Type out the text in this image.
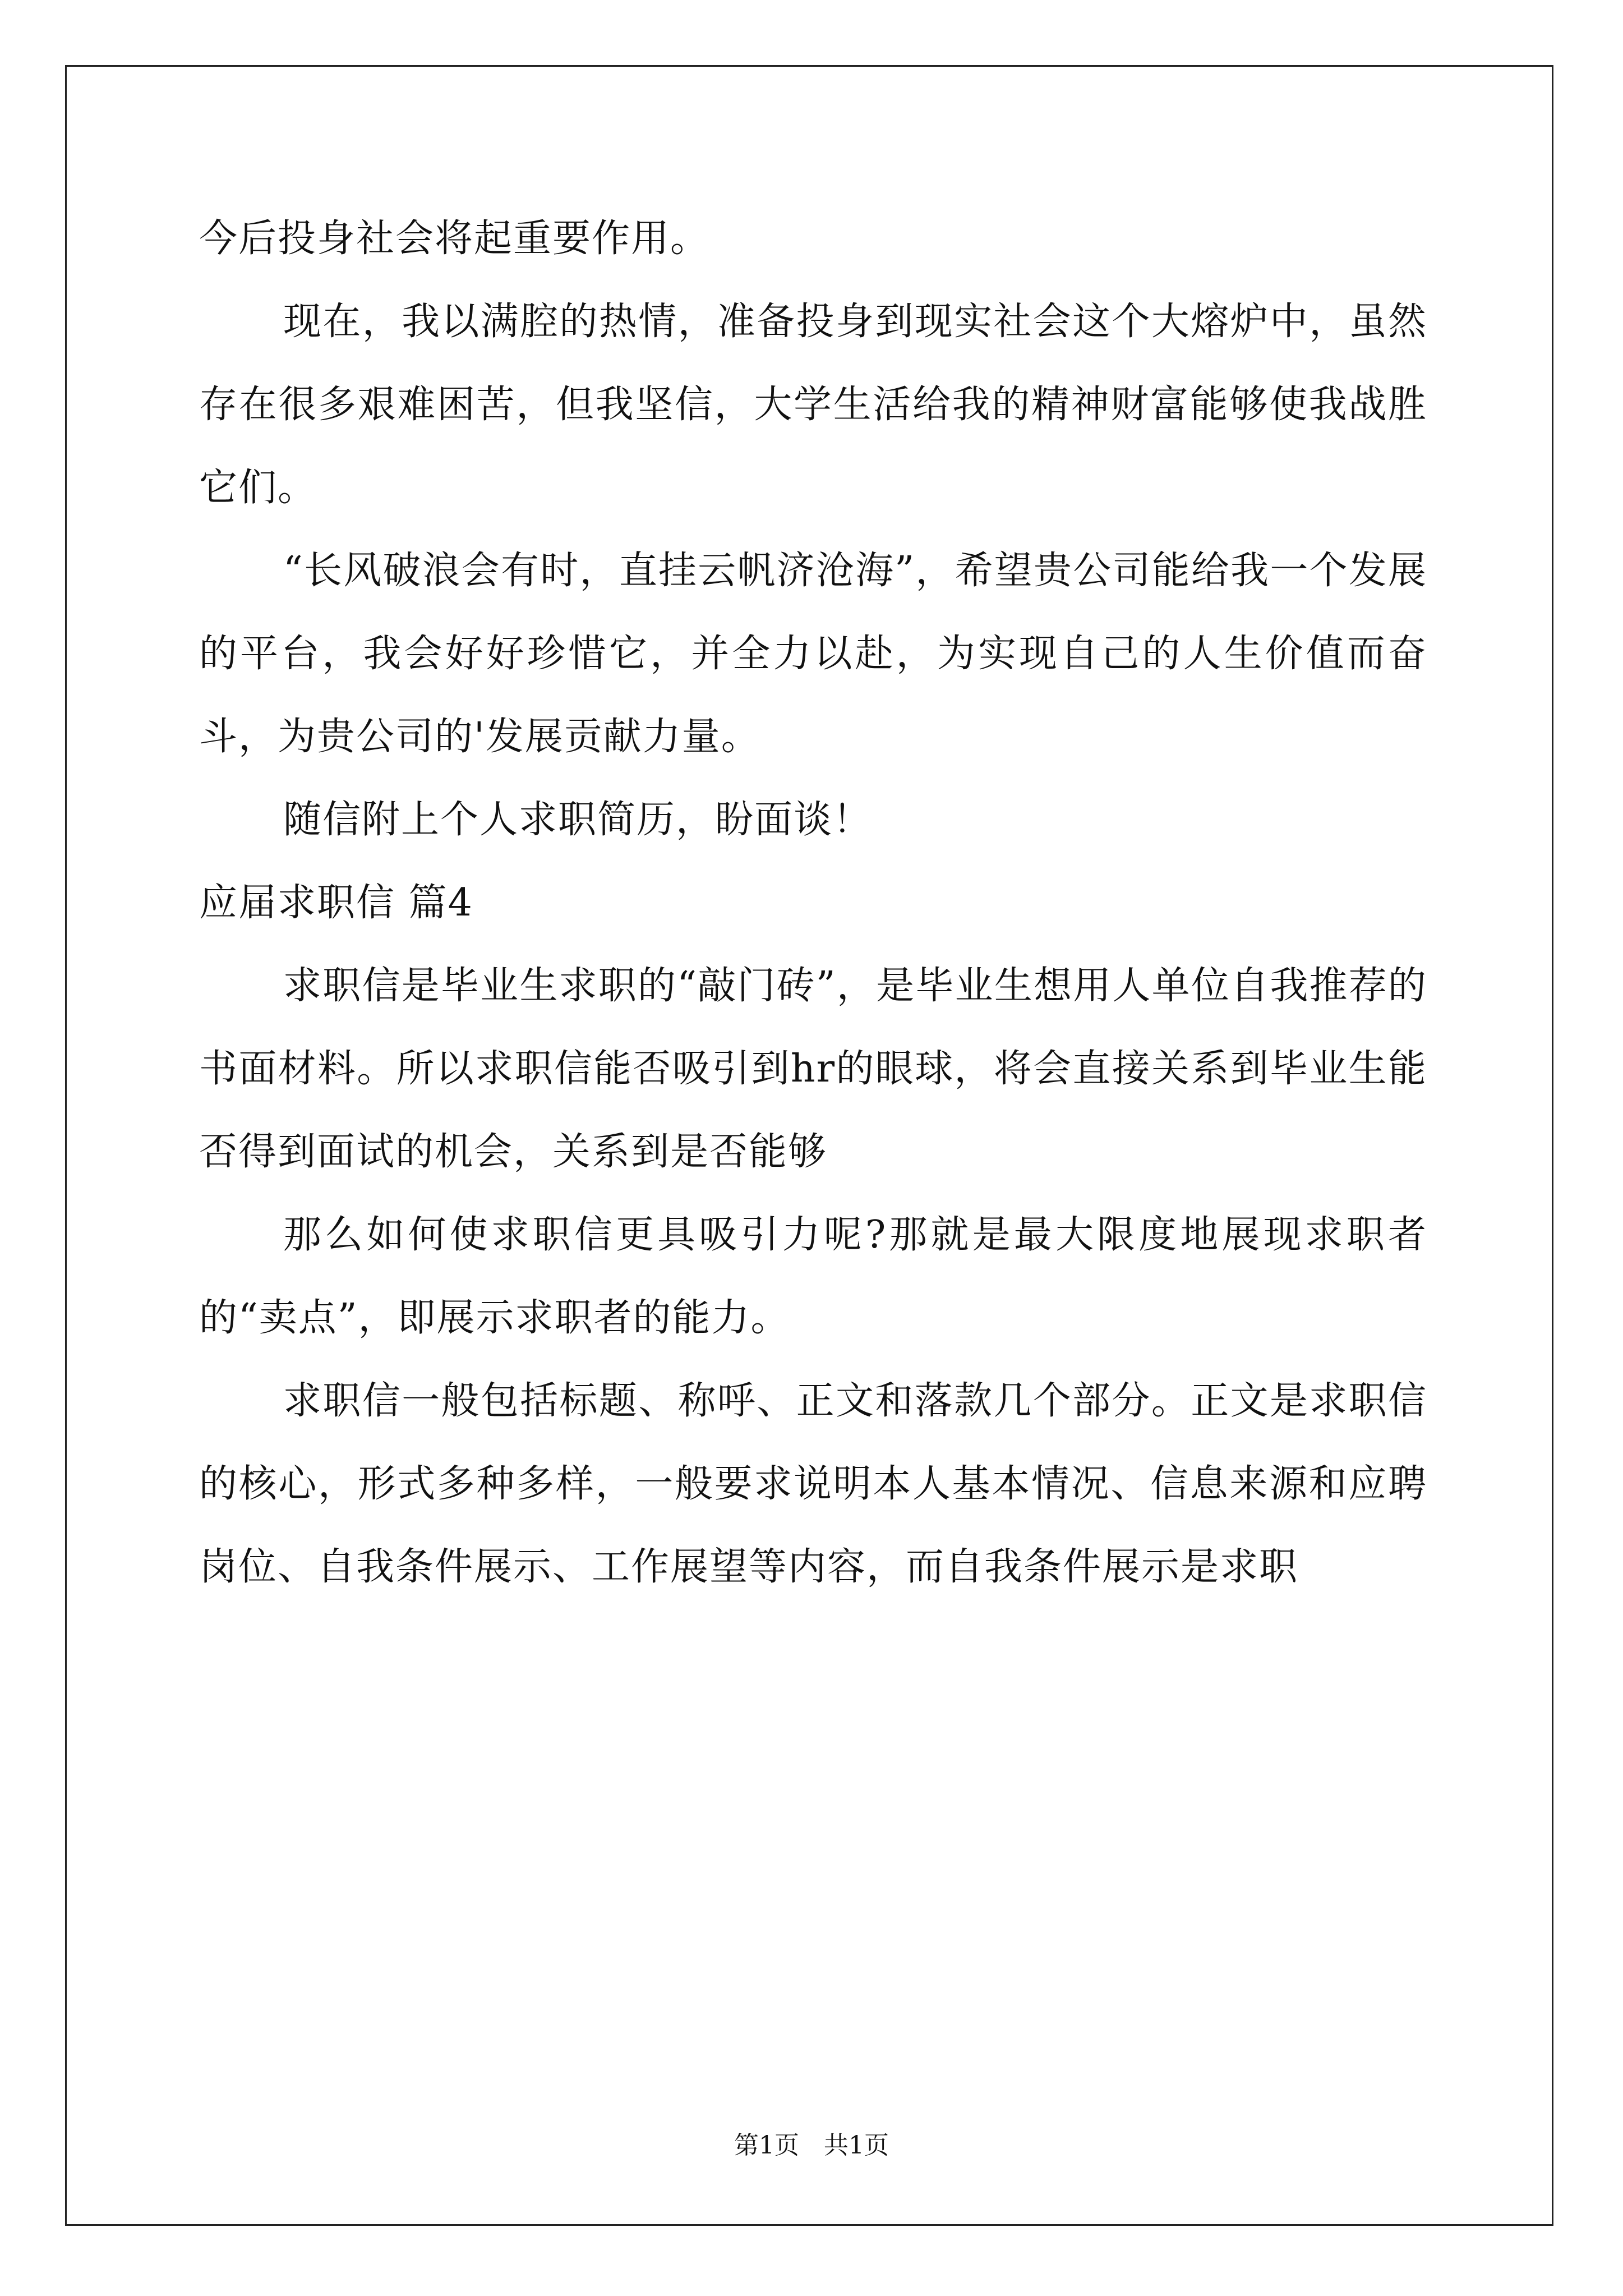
今后投身社会将起重要作用。

现在，我以满腔的热情，准备投身到现实社会这个大熔炉中，虽然存在很多艰难困苦，但我坚信，大学生活给我的精神财富能够使我战胜它们。

“长风破浪会有时，直挂云帆济沧海”，希望贵公司能给我一个发展的平台，我会好好珍惜它，并全力以赴，为实现自己的人生价值而奋斗，为贵公司的'发展贡献力量。

随信附上个人求职简历，盼面谈！

应届求职信 篇4

求职信是毕业生求职的“敲门砖”，是毕业生想用人单位自我推荐的书面材料。所以求职信能否吸引到hr的眼球，将会直接关系到毕业生能否得到面试的机会，关系到是否能够

那么如何使求职信更具吸引力呢?那就是最大限度地展现求职者的“卖点”，即展示求职者的能力。

求职信一般包括标题、称呼、正文和落款几个部分。正文是求职信的核心，形式多种多样，一般要求说明本人基本情况、信息来源和应聘岗位、自我条件展示、工作展望等内容，而自我条件展示是求职

第1页 共1页
